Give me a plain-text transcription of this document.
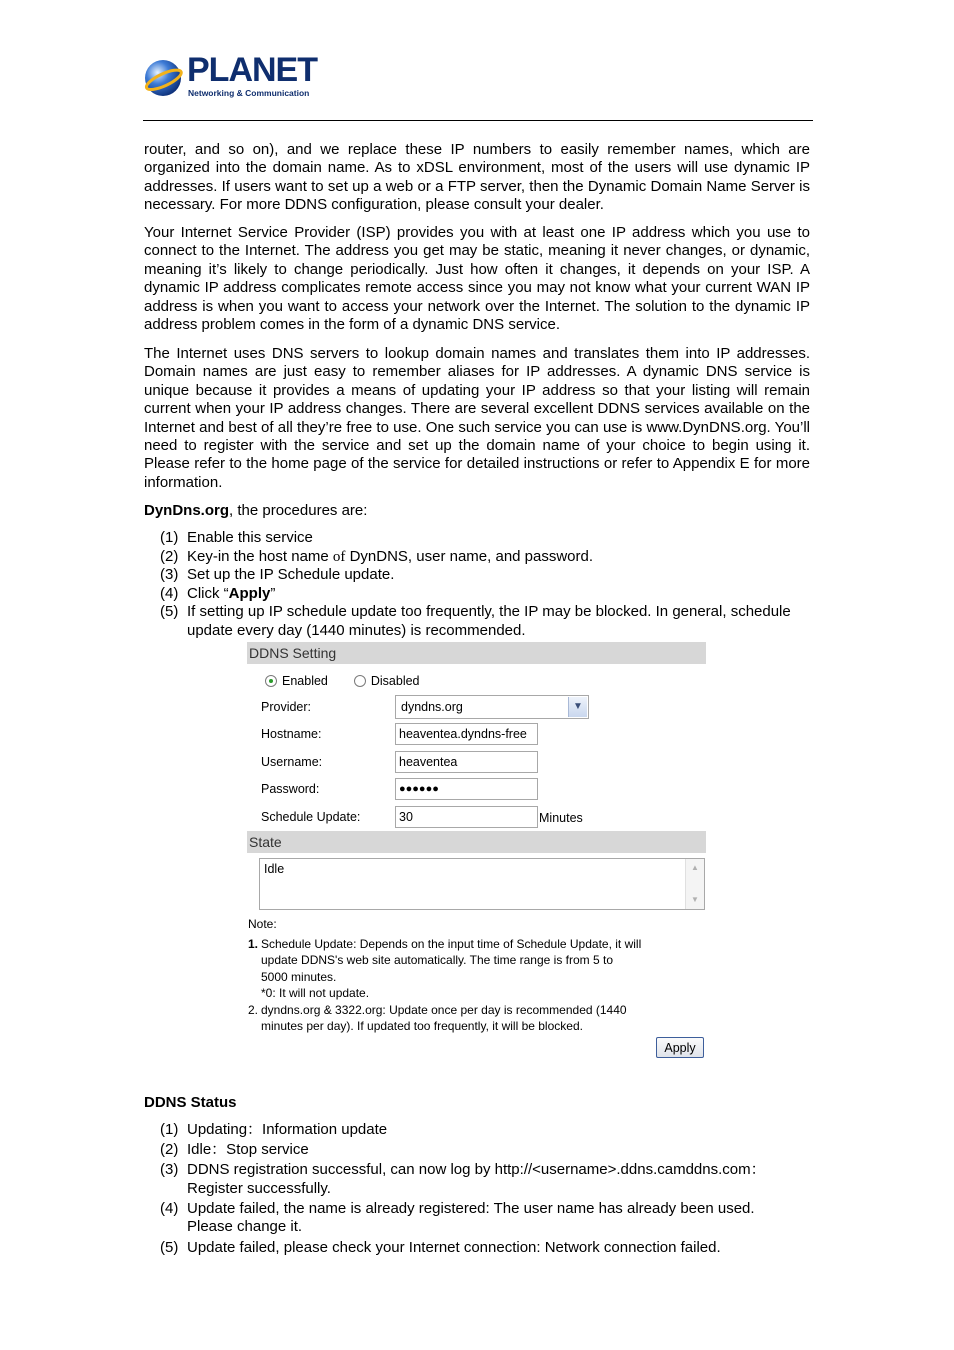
PLANET
Networking & Communication

router, and so on), and we replace these IP numbers to easily remember names, which are organized into the domain name. As to xDSL environment, most of the users will use dynamic IP addresses. If users want to set up a web or a FTP server, then the Dynamic Domain Name Server is necessary. For more DDNS configuration, please consult your dealer.

Your Internet Service Provider (ISP) provides you with at least one IP address which you use to connect to the Internet. The address you get may be static, meaning it never changes, or dynamic, meaning it’s likely to change periodically. Just how often it changes, it depends on your ISP. A dynamic IP address complicates remote access since you may not know what your current WAN IP address is when you want to access your network over the Internet. The solution to the dynamic IP address problem comes in the form of a dynamic DNS service.

The Internet uses DNS servers to lookup domain names and translates them into IP addresses. Domain names are just easy to remember aliases for IP addresses. A dynamic DNS service is unique because it provides a means of updating your IP address so that your listing will remain current when your IP address changes. There are several excellent DDNS services available on the Internet and best of all they’re free to use. One such service you can use is www.DynDNS.org. You’ll need to register with the service and set up the domain name of your choice to begin using it. Please refer to the home page of the service for detailed instructions or refer to Appendix E for more information.

DynDns.org, the procedures are:
(1) Enable this service
(2) Key-in the host name of DynDNS, user name, and password.
(3) Set up the IP Schedule update.
(4) Click “Apply”
(5) If setting up IP schedule update too frequently, the IP may be blocked. In general, schedule update every day (1440 minutes) is recommended.
DDNS Setting
Enabled	Disabled
Provider:	dyndns.org	▼
Hostname:	heaventea.dyndns-free
Username:	heaventea
Password:	●●●●●●
Schedule Update:	30	Minutes
State
Idle	▲
▼
Note:
1. Schedule Update: Depends on the input time of Schedule Update, it will
update DDNS's web site automatically. The time range is from 5 to
5000 minutes.
*0: It will not update.
2. dyndns.org & 3322.org: Update once per day is recommended (1440
minutes per day). If updated too frequently, it will be blocked.
Apply
DDNS Status
(1) Updating：Information update
(2) Idle：Stop service
(3) DDNS registration successful, can now log by http://<username>.ddns.camddns.com：Register successfully.
(4) Update failed, the name is already registered: The user name has already been used. Please change it.
(5) Update failed, please check your Internet connection: Network connection failed.
